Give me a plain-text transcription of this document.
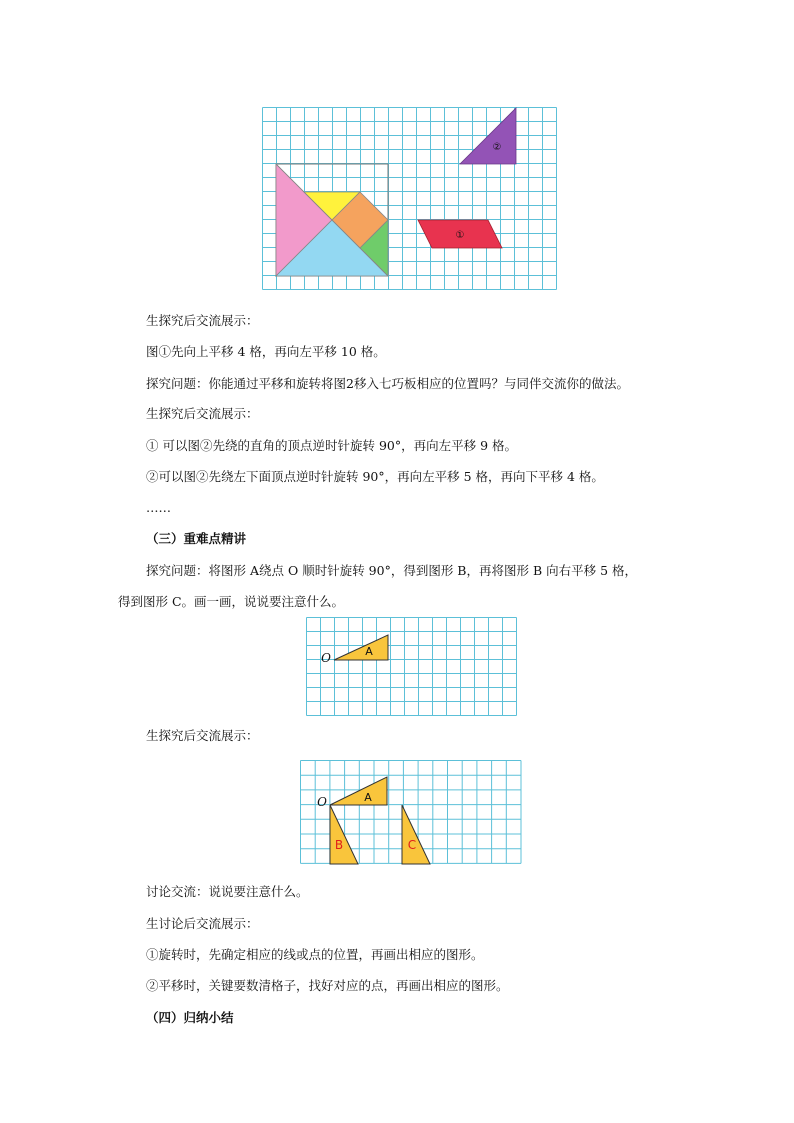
①
②
生探究后交流展示：
图①先向上平移 4 格，再向左平移 10 格。
探究问题：你能通过平移和旋转将图2移入七巧板相应的位置吗？与同伴交流你的做法。
生探究后交流展示：
① 可以图②先绕的直角的顶点逆时针旋转 90°，再向左平移 9 格。
②可以图②先绕左下面顶点逆时针旋转 90°，再向左平移 5 格，再向下平移 4 格。
……
（三）重难点精讲
探究问题：将图形 A绕点 O 顺时针旋转 90°，得到图形 B，再将图形 B 向右平移 5 格，
得到图形 C。画一画，说说要注意什么。
A
O
生探究后交流展示：
A
B	C
O
讨论交流：说说要注意什么。
生讨论后交流展示：
①旋转时，先确定相应的线或点的位置，再画出相应的图形。
②平移时，关键要数清格子，找好对应的点，再画出相应的图形。
（四）归纳小结
